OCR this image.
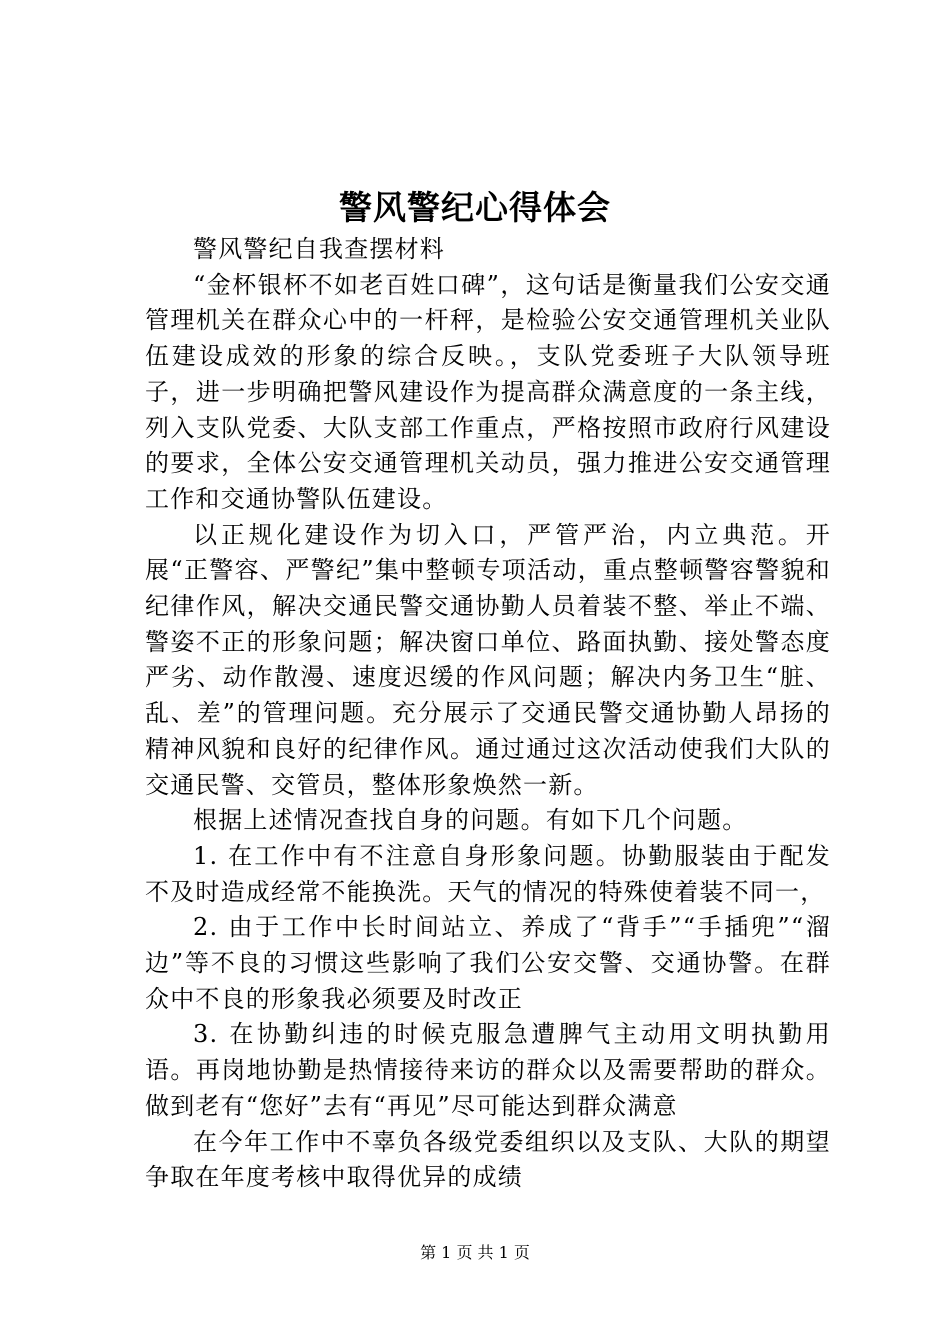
警风警纪心得体会

警风警纪自我查摆材料

“金杯银杯不如老百姓口碑”，这句话是衡量我们公安交通管理机关在群众心中的一杆秤，是检验公安交通管理机关业队伍建设成效的形象的综合反映。，支队党委班子大队领导班子，进一步明确把警风建设作为提高群众满意度的一条主线，列入支队党委、大队支部工作重点，严格按照市政府行风建设的要求，全体公安交通管理机关动员，强力推进公安交通管理工作和交通协警队伍建设。

以正规化建设作为切入口，严管严治，内立典范。开展“正警容、严警纪”集中整顿专项活动，重点整顿警容警貌和纪律作风，解决交通民警交通协勤人员着装不整、举止不端、警姿不正的形象问题；解决窗口单位、路面执勤、接处警态度严劣、动作散漫、速度迟缓的作风问题；解决内务卫生“脏、乱、差”的管理问题。充分展示了交通民警交通协勤人昂扬的精神风貌和良好的纪律作风。通过通过这次活动使我们大队的交通民警、交管员，整体形象焕然一新。

根据上述情况查找自身的问题。有如下几个问题。

1. 在工作中有不注意自身形象问题。协勤服装由于配发不及时造成经常不能换洗。天气的情况的特殊使着装不同一，

2. 由于工作中长时间站立、养成了“背手”“手插兜”“溜边”等不良的习惯这些影响了我们公安交警、交通协警。在群众中不良的形象我必须要及时改正

3. 在协勤纠违的时候克服急遭脾气主动用文明执勤用语。再岗地协勤是热情接待来访的群众以及需要帮助的群众。做到老有“您好”去有“再见”尽可能达到群众满意

在今年工作中不辜负各级党委组织以及支队、大队的期望争取在年度考核中取得优异的成绩

第 1 页 共 1 页
